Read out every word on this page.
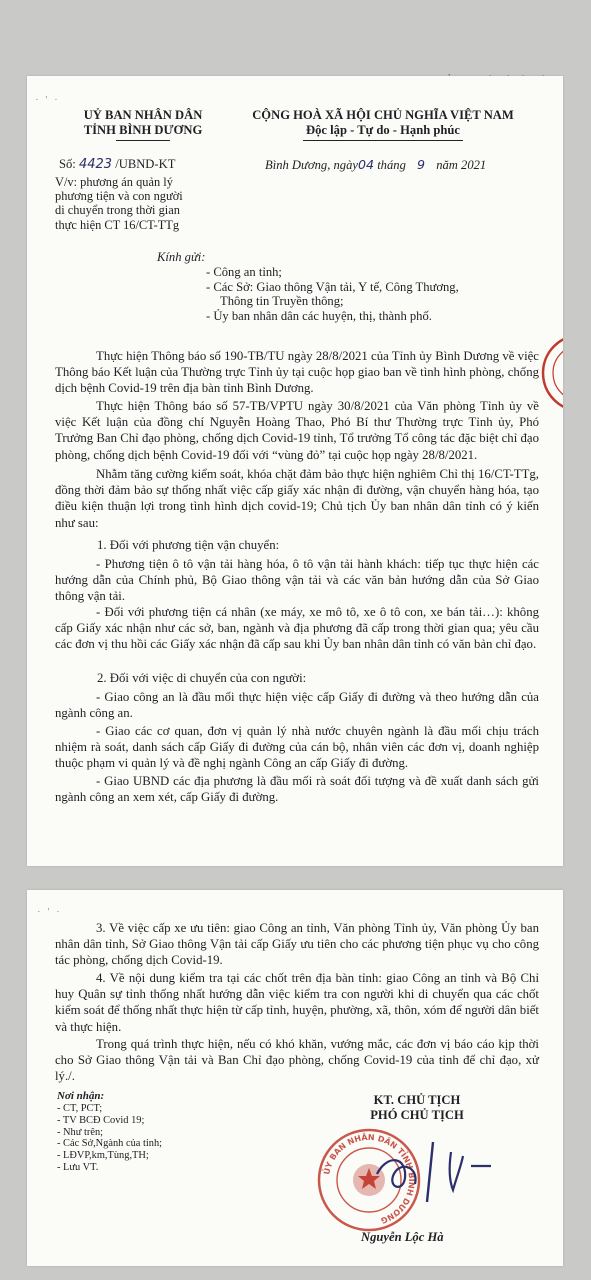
· ' ·
UỶ BAN NHÂN DÂN
TỈNH BÌNH DƯƠNG
CỘNG HOÀ XÃ HỘI CHỦ NGHĨA VIỆT NAM
Độc lập - Tự do - Hạnh phúc
Số: 4423 /UBND-KT	Bình Dương, ngày04 tháng 9 năm 2021
V/v: phương án quản lý
phương tiện và con người
di chuyển trong thời gian
thực hiện CT 16/CT-TTg
Kính gửi:
- Công an tỉnh;
- Các Sở: Giao thông Vận tải, Y tế, Công Thương,
Thông tin Truyền thông;
- Ủy ban nhân dân các huyện, thị, thành phố.
Thực hiện Thông báo số 190-TB/TU ngày 28/8/2021 của Tỉnh ủy Bình Dương về việc Thông báo Kết luận của Thường trực Tỉnh ủy tại cuộc họp giao ban về tình hình phòng, chống dịch bệnh Covid-19 trên địa bàn tỉnh Bình Dương.
Thực hiện Thông báo số 57-TB/VPTU ngày 30/8/2021 của Văn phòng Tỉnh ủy về việc Kết luận của đồng chí Nguyễn Hoàng Thao, Phó Bí thư Thường trực Tỉnh ủy, Phó Trưởng Ban Chỉ đạo phòng, chống dịch Covid-19 tỉnh, Tổ trưởng Tổ công tác đặc biệt chỉ đạo phòng, chống dịch bệnh Covid-19 đối với “vùng đỏ” tại cuộc họp ngày 28/8/2021.
Nhằm tăng cường kiểm soát, khóa chặt đảm bảo thực hiện nghiêm Chỉ thị 16/CT-TTg, đồng thời đảm bảo sự thống nhất việc cấp giấy xác nhận đi đường, vận chuyển hàng hóa, tạo điều kiện thuận lợi trong tình hình dịch covid-19; Chủ tịch Ủy ban nhân dân tỉnh có ý kiến như sau:
1. Đối với phương tiện vận chuyển:
- Phương tiện ô tô vận tải hàng hóa, ô tô vận tải hành khách: tiếp tục thực hiện các hướng dẫn của Chính phủ, Bộ Giao thông vận tải và các văn bản hướng dẫn của Sở Giao thông vận tải.
- Đối với phương tiện cá nhân (xe máy, xe mô tô, xe ô tô con, xe bán tải…): không cấp Giấy xác nhận như các sở, ban, ngành và địa phương đã cấp trong thời gian qua; yêu cầu các đơn vị thu hồi các Giấy xác nhận đã cấp sau khi Ủy ban nhân dân tỉnh có văn bản chỉ đạo.
2. Đối với việc di chuyển của con người:
- Giao công an là đầu mối thực hiện việc cấp Giấy đi đường và theo hướng dẫn của ngành công an.
- Giao các cơ quan, đơn vị quản lý nhà nước chuyên ngành là đầu mối chịu trách nhiệm rà soát, danh sách cấp Giấy đi đường của cán bộ, nhân viên các đơn vị, doanh nghiệp thuộc phạm vi quản lý và đề nghị ngành Công an cấp Giấy đi đường.
- Giao UBND các địa phương là đầu mối rà soát đối tượng và đề xuất danh sách gửi ngành công an xem xét, cấp Giấy đi đường.
· ' ·
3. Về việc cấp xe ưu tiên: giao Công an tỉnh, Văn phòng Tỉnh ủy, Văn phòng Ủy ban nhân dân tỉnh, Sở Giao thông Vận tải cấp Giấy ưu tiên cho các phương tiện phục vụ cho công tác phòng, chống dịch Covid-19.
4. Về nội dung kiểm tra tại các chốt trên địa bàn tỉnh: giao Công an tỉnh và Bộ Chỉ huy Quân sự tỉnh thống nhất hướng dẫn việc kiểm tra con người khi di chuyển qua các chốt kiểm soát để thống nhất thực hiện từ cấp tỉnh, huyện, phường, xã, thôn, xóm để người dân biết và thực hiện.
Trong quá trình thực hiện, nếu có khó khăn, vướng mắc, các đơn vị báo cáo kịp thời cho Sở Giao thông Vận tải và Ban Chỉ đạo phòng, chống Covid-19 của tỉnh để chỉ đạo, xử lý./.
Nơi nhận:
- CT, PCT;
- TV BCĐ Covid 19;
- Như trên;
- Các Sở,Ngành của tỉnh;
- LĐVP,km,Tùng,TH;
- Lưu VT.
KT. CHỦ TỊCH
PHÓ CHỦ TỊCH
ỦY BAN NHÂN DÂN TỈNH BÌNH DƯƠNG
Nguyễn Lộc Hà
